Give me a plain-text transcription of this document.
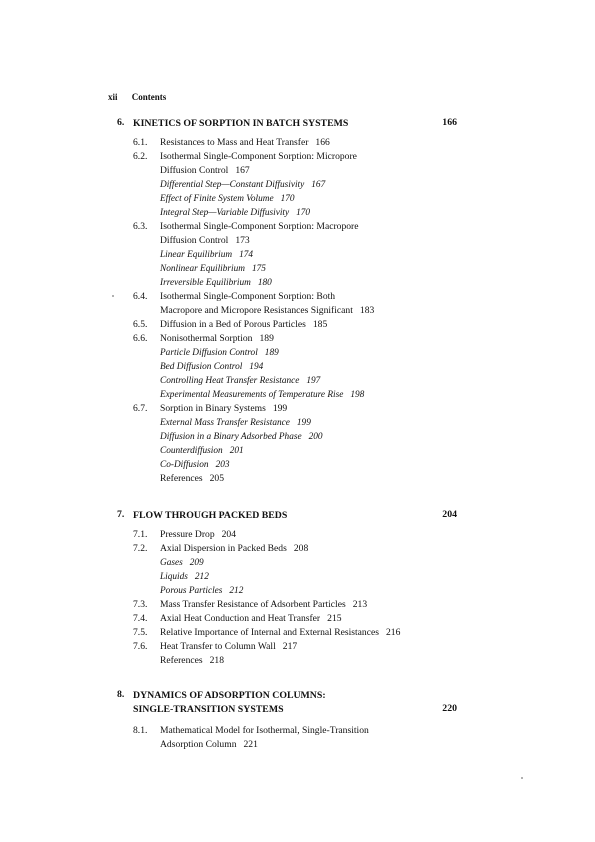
xii Contents
6. KINETICS OF SORPTION IN BATCH SYSTEMS	166
6.1. Resistances to Mass and Heat Transfer 166
6.2. Isothermal Single-Component Sorption: Micropore
Diffusion Control 167
Differential Step—Constant Diffusivity 167
Effect of Finite System Volume 170
Integral Step—Variable Diffusivity 170
6.3. Isothermal Single-Component Sorption: Macropore
Diffusion Control 173
Linear Equilibrium 174
Nonlinear Equilibrium 175
Irreversible Equilibrium 180
6.4. Isothermal Single-Component Sorption: Both
Macropore and Micropore Resistances Significant 183
6.5. Diffusion in a Bed of Porous Particles 185
6.6. Nonisothermal Sorption 189
Particle Diffusion Control 189
Bed Diffusion Control 194
Controlling Heat Transfer Resistance 197
Experimental Measurements of Temperature Rise 198
6.7. Sorption in Binary Systems 199
External Mass Transfer Resistance 199
Diffusion in a Binary Adsorbed Phase 200
Counterdiffusion 201
Co-Diffusion 203
References 205
7. FLOW THROUGH PACKED BEDS	204
7.1. Pressure Drop 204
7.2. Axial Dispersion in Packed Beds 208
Gases 209
Liquids 212
Porous Particles 212
7.3. Mass Transfer Resistance of Adsorbent Particles 213
7.4. Axial Heat Conduction and Heat Transfer 215
7.5. Relative Importance of Internal and External Resistances 216
7.6. Heat Transfer to Column Wall 217
References 218
8. DYNAMICS OF ADSORPTION COLUMNS:
SINGLE-TRANSITION SYSTEMS	220
8.1. Mathematical Model for Isothermal, Single-Transition
Adsorption Column 221
